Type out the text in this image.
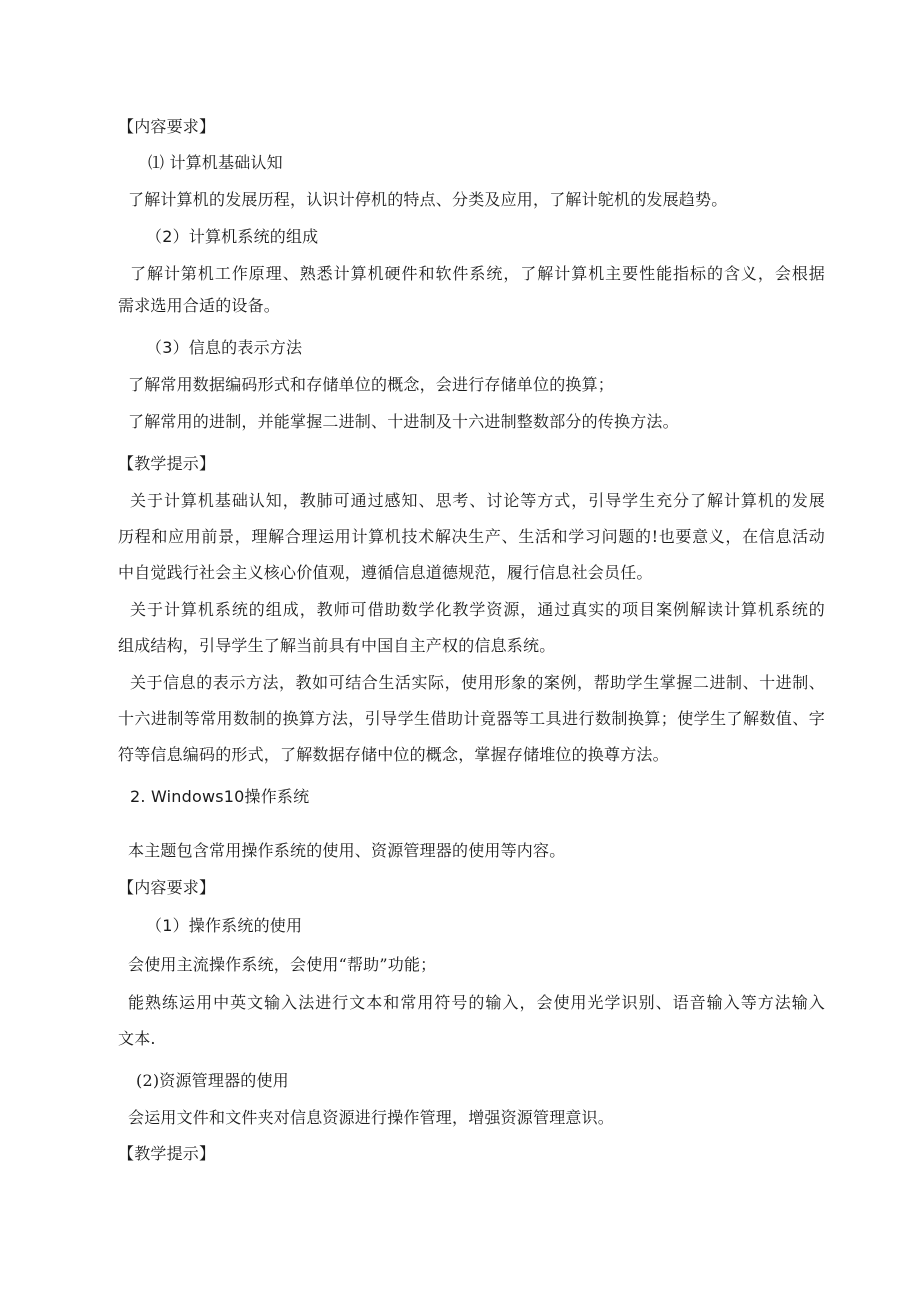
【内容要求】
⑴ 计算机基础认知
了解计算机的发展历程，认识计停机的特点、分类及应用，了解计鸵机的发展趋势。
（2）计算机系统的组成
了解计第机工作原理、熟悉计算机硬件和软件系统，了解计算机主要性能指标的含义，会根据
需求选用合适的设备。
（3）信息的表示方法
了解常用数据编码形式和存储单位的概念，会进行存储单位的换算；
了解常用的进制，并能掌握二进制、十进制及十六进制整数部分的传换方法。
【教学提示】
关于计算机基础认知，教肺可通过感知、思考、讨论等方式，引导学生充分了解计算机的发展
历程和应用前景，理解合理运用计算机技术解决生产、生活和学习问题的!也要意义，在信息活动
中自觉践行社会主义核心价值观，遵循信息道德规范，履行信息社会员任。
关于计算机系统的组成，教师可借助数学化教学资源，通过真实的项目案例解读计算机系统的
组成结构，引导学生了解当前具有中国自主产权的信息系统。
关于信息的表示方法，教如可结合生活实际，使用形象的案例，帮助学生掌握二进制、十进制、
十六进制等常用数制的换算方法，引导学生借助计竟器等工具进行数制换算；使学生了解数值、字
符等信息编码的形式，了解数据存储中位的概念，掌握存储堆位的换尊方法。
2. Windows10操作系统
本主题包含常用操作系统的使用、资源管理器的使用等内容。
【内容要求】
（1）操作系统的使用
会使用主流操作系统，会使用“帮助”功能；
能熟练运用中英文输入法进行文本和常用符号的输入，会使用光学识别、语音输入等方法输入
文本.
(2)资源管理器的使用
会运用文件和文件夹对信息资源进行操作管理，增强资源管理意识。
【教学提示】
